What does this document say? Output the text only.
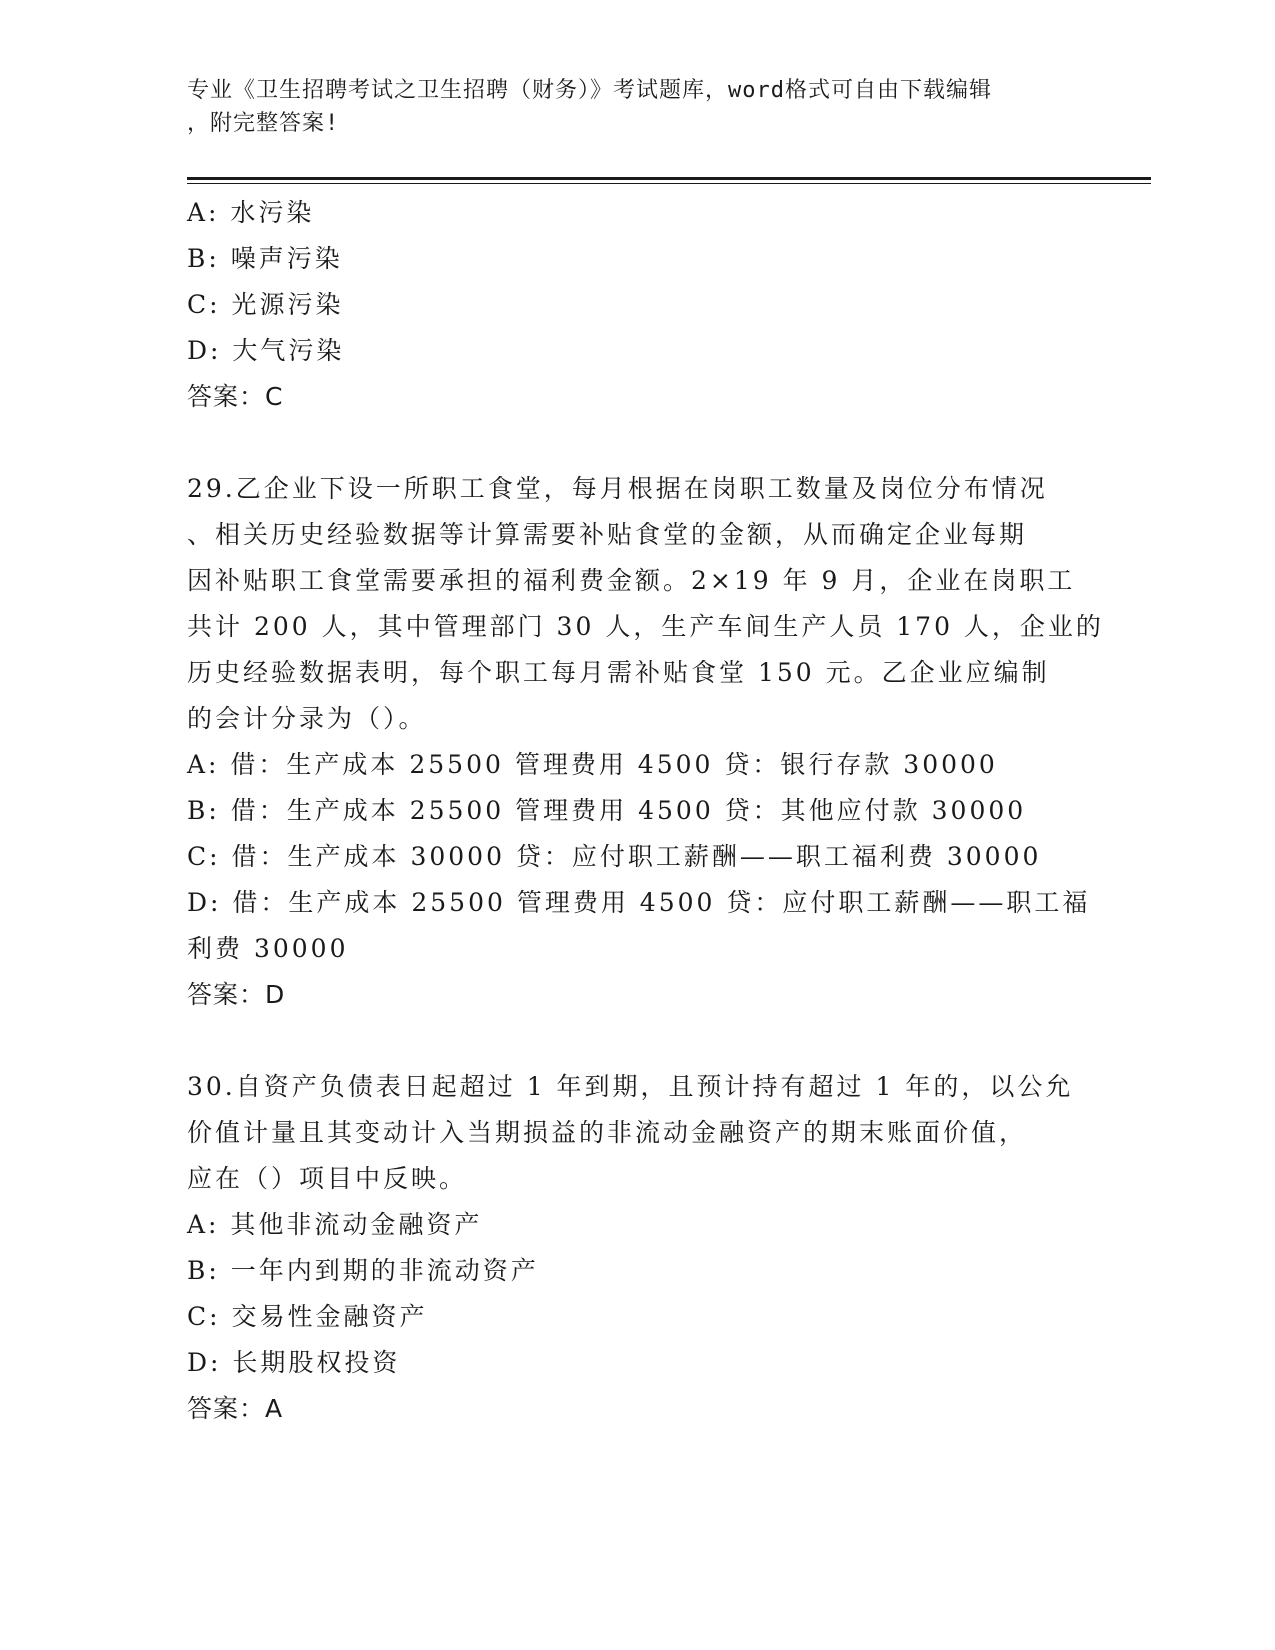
专业《卫生招聘考试之卫生招聘（财务）》考试题库，word格式可自由下载编辑
，附完整答案!
A: 水污染
B: 噪声污染
C: 光源污染
D: 大气污染
答案：C
29.乙企业下设一所职工食堂，每月根据在岗职工数量及岗位分布情况
、相关历史经验数据等计算需要补贴食堂的金额，从而确定企业每期
因补贴职工食堂需要承担的福利费金额。2×19 年 9 月，企业在岗职工
共计 200 人，其中管理部门 30 人，生产车间生产人员 170 人，企业的
历史经验数据表明，每个职工每月需补贴食堂 150 元。乙企业应编制
的会计分录为（）。
A: 借：生产成本 25500 管理费用 4500 贷：银行存款 30000
B: 借：生产成本 25500 管理费用 4500 贷：其他应付款 30000
C: 借：生产成本 30000 贷：应付职工薪酬——职工福利费 30000
D: 借：生产成本 25500 管理费用 4500 贷：应付职工薪酬——职工福
利费 30000
答案：D
30.自资产负债表日起超过 1 年到期，且预计持有超过 1 年的，以公允
价值计量且其变动计入当期损益的非流动金融资产的期末账面价值，
应在（）项目中反映。
A: 其他非流动金融资产
B: 一年内到期的非流动资产
C: 交易性金融资产
D: 长期股权投资
答案：A
